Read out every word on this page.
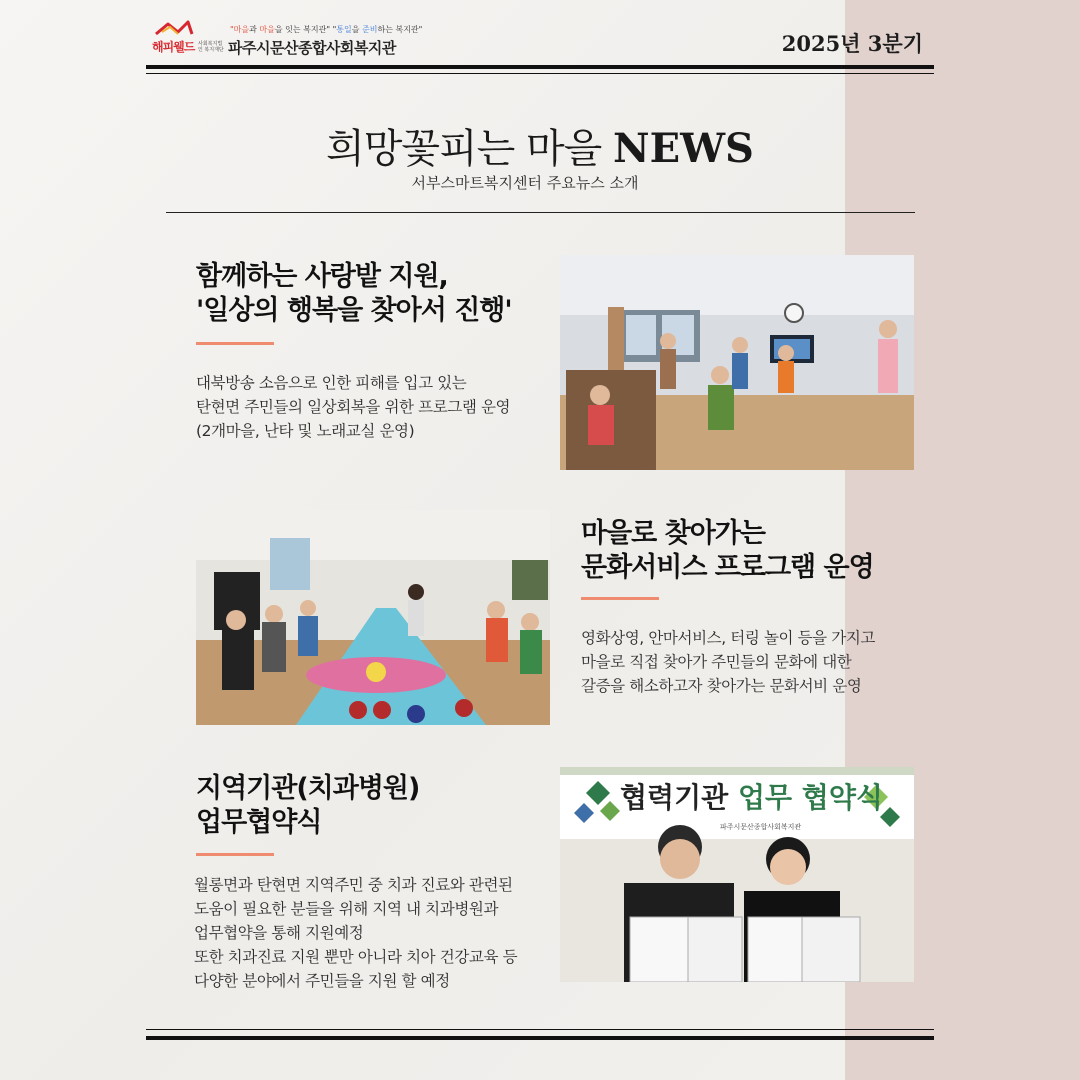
해피웰드 사회복지법인 복지재단
"마을과 마을을 잇는 복지관" "통일을 준비하는 복지관"
파주시문산종합사회복지관	2025년 3분기
희망꽃피는 마을 NEWS
서부스마트복지센터 주요뉴스 소개
함께하는 사랑밭 지원,
'일상의 행복을 찾아서 진행'
대북방송 소음으로 인한 피해를 입고 있는
탄현면 주민들의 일상회복을 위한 프로그램 운영
(2개마을, 난타 및 노래교실 운영)
마을로 찾아가는
문화서비스 프로그램 운영
영화상영, 안마서비스, 터링 놀이 등을 가지고
마을로 직접 찾아가 주민들의 문화에 대한
갈증을 해소하고자 찾아가는 문화서비 운영
지역기관(치과병원)
업무협약식
월롱면과 탄현면 지역주민 중 치과 진료와 관련된
도움이 필요한 분들을 위해 지역 내 치과병원과
업무협약을 통해 지원예정
또한 치과진료 지원 뿐만 아니라 치아 건강교육 등
다양한 분야에서 주민들을 지원 할 예정
협력기관 업무 협약식
파주시문산종합사회복지관
